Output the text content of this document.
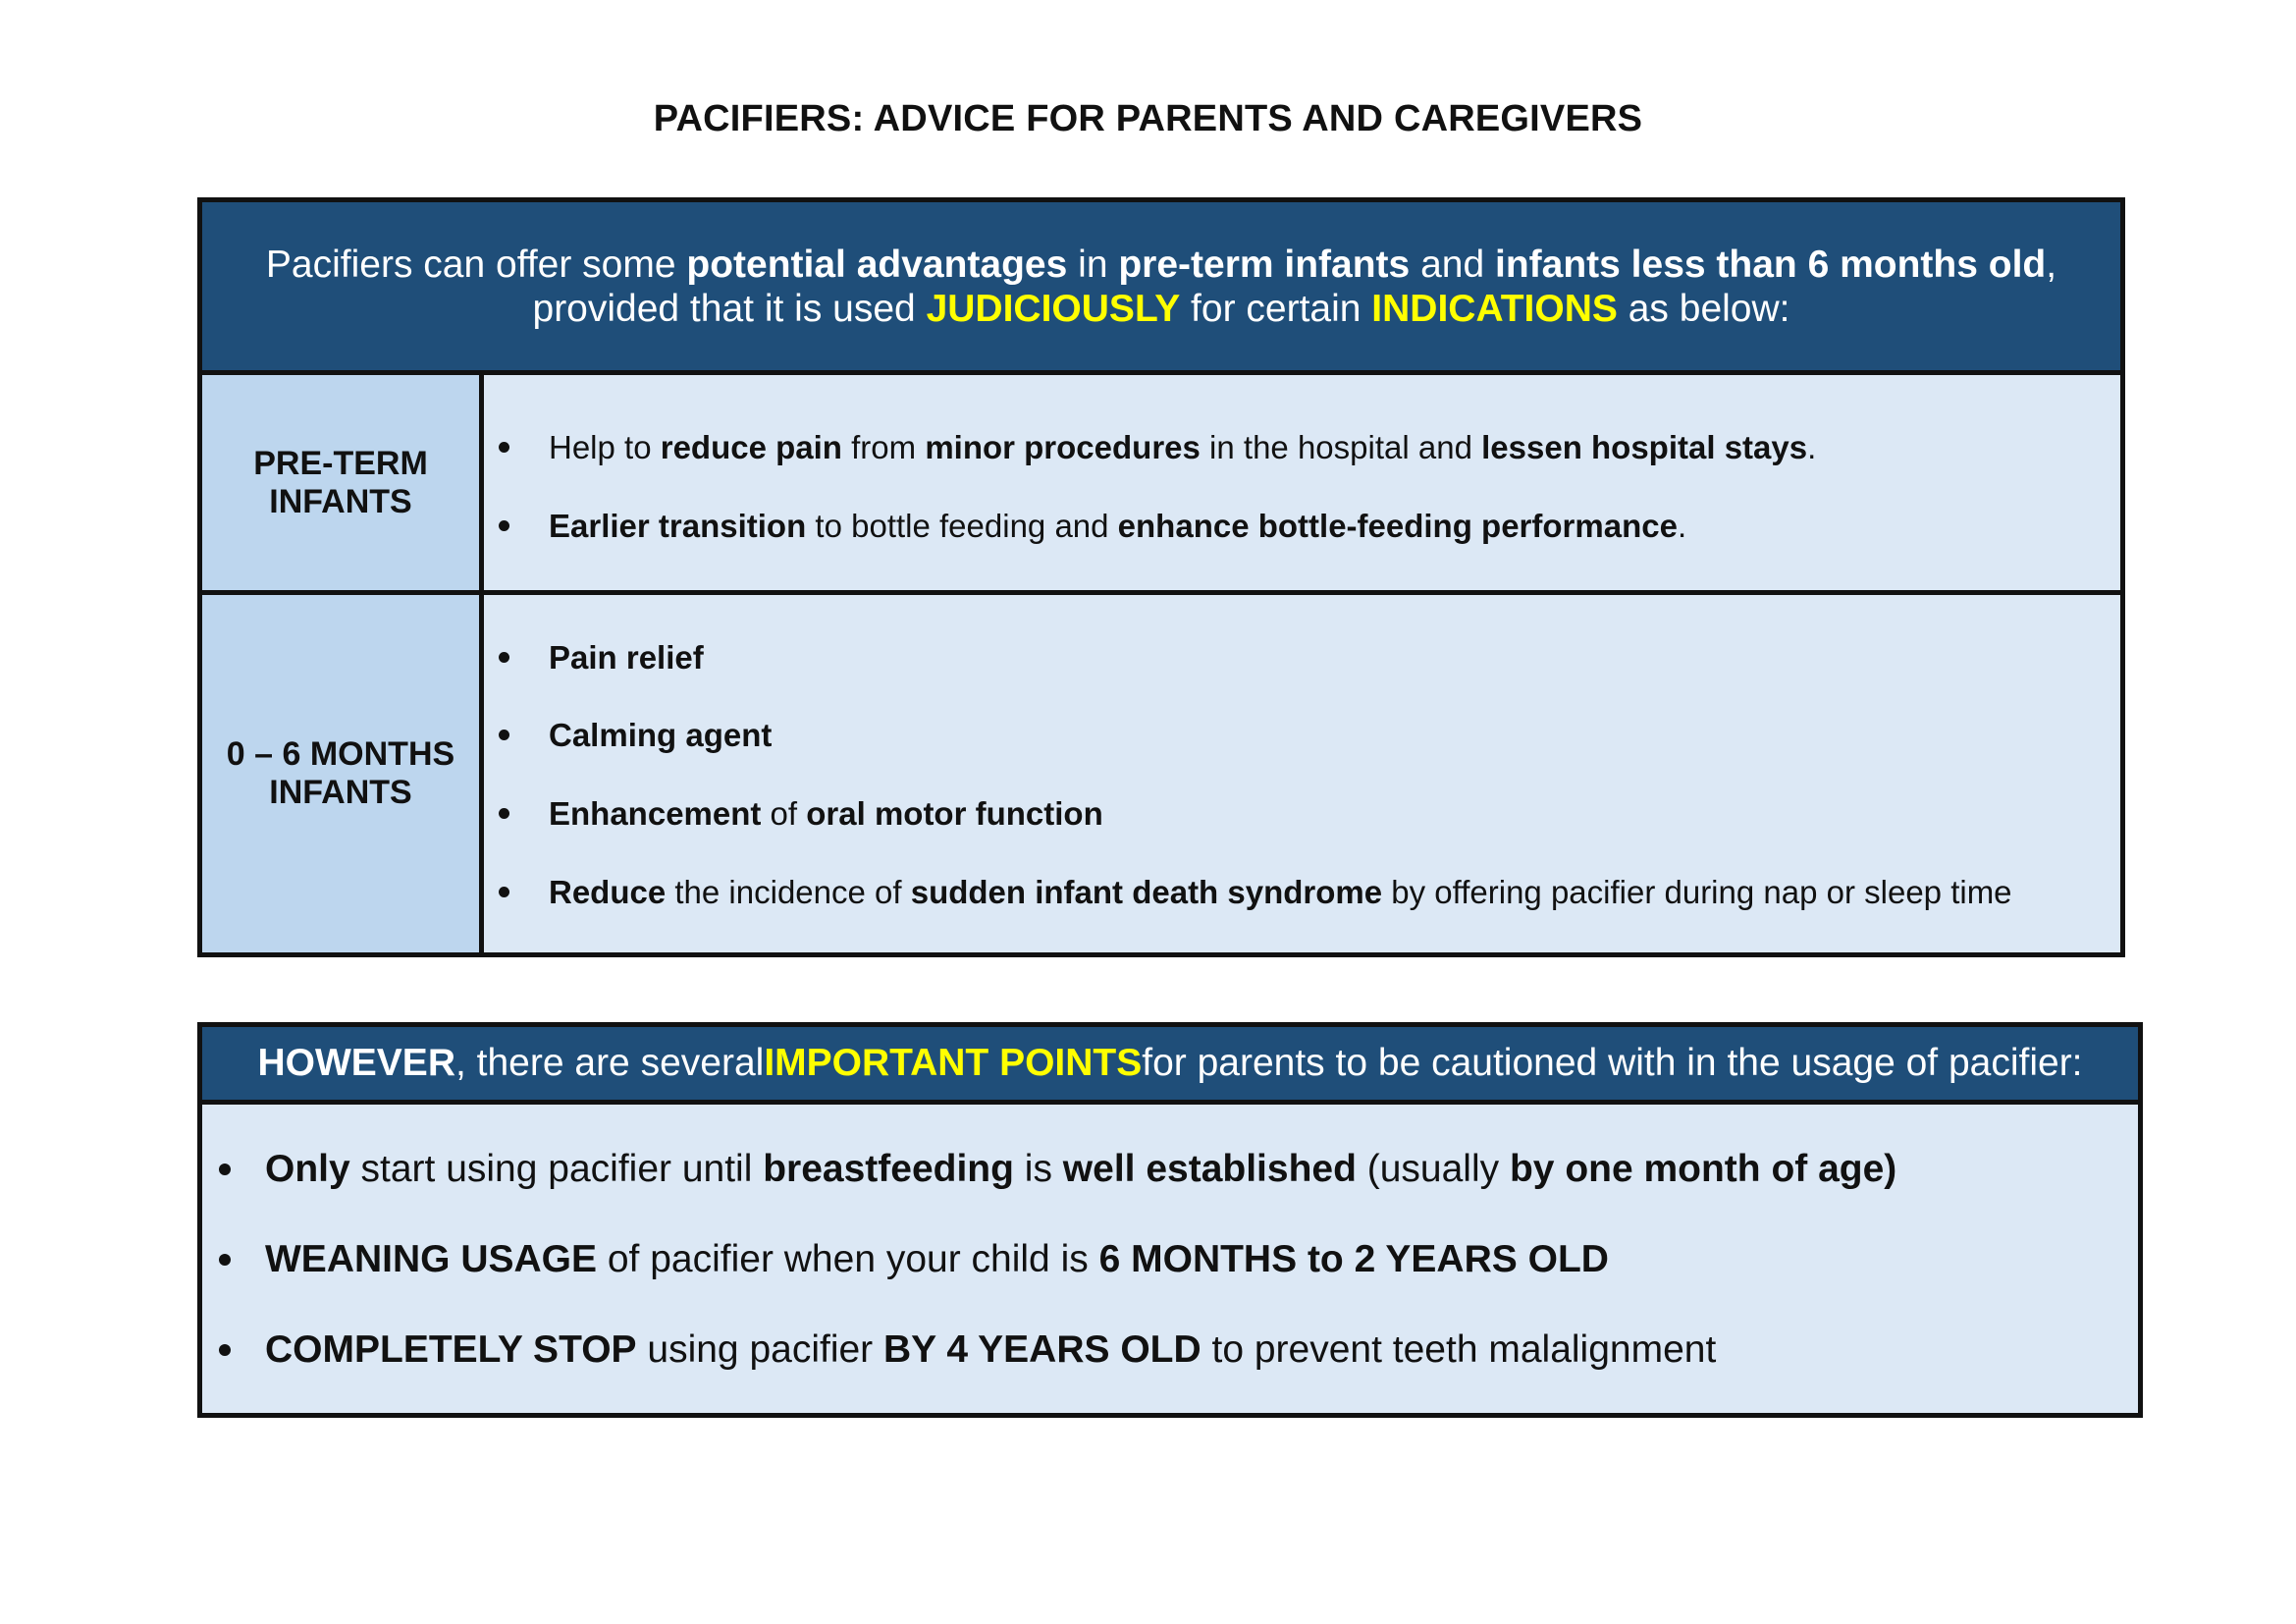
PACIFIERS: ADVICE FOR PARENTS AND CAREGIVERS
Pacifiers can offer some potential advantages in pre-term infants and infants less than 6 months old,
provided that it is used JUDICIOUSLY for certain INDICATIONS as below:
PRE-TERM
INFANTS
Help to reduce pain from minor procedures in the hospital and lessen hospital stays.
Earlier transition to bottle feeding and enhance bottle-feeding performance.
0 – 6 MONTHS
INFANTS
Pain relief
Calming agent
Enhancement of oral motor function
Reduce the incidence of sudden infant death syndrome by offering pacifier during nap or sleep time
HOWEVER , there are several IMPORTANT POINTS for parents to be cautioned with in the usage of pacifier:
Only start using pacifier until breastfeeding is well established (usually by one month of age)
WEANING USAGE of pacifier when your child is 6 MONTHS to 2 YEARS OLD
COMPLETELY STOP using pacifier BY 4 YEARS OLD to prevent teeth malalignment
